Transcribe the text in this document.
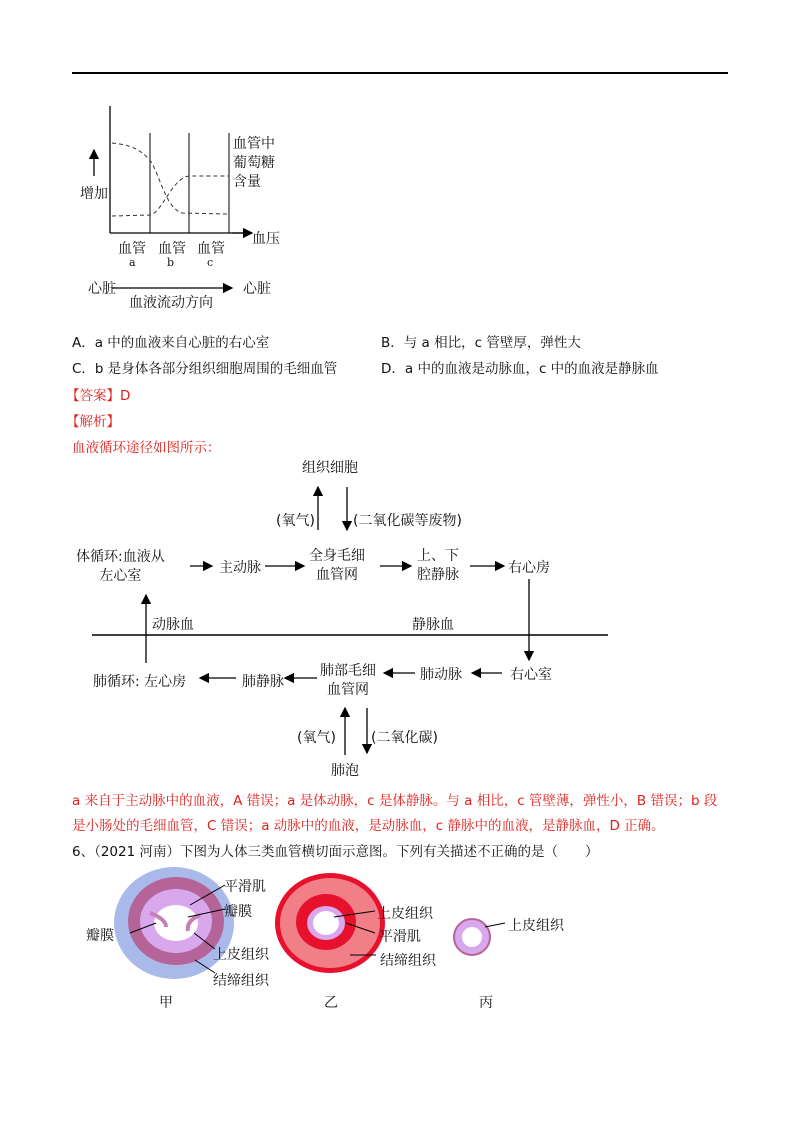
增加
血管中
葡萄糖
含量
血压
血管 血管 血管
a	b	c
心脏	心脏
血液流动方向
A．a 中的血液来自心脏的右心室	B．与 a 相比，c 管壁厚，弹性大
C．b 是身体各部分组织细胞周围的毛细血管	D．a 中的血液是动脉血，c 中的血液是静脉血
【答案】D
【解析】
血液循环途径如图所示：
组织细胞
(氧气)	(二氧化碳等废物)
体循环:血液从
左心室	主动脉
全身毛细
血管网
上、下
腔静脉	右心房
动脉血	静脉血
右心室
肺动脉
肺部毛细
血管网
肺静脉
肺循环: 左心房
(氧气)	(二氧化碳)
肺泡
a 来自于主动脉中的血液，A 错误；a 是体动脉，c 是体静脉。与 a 相比，c 管壁薄，弹性小，B 错误；b 段
是小肠处的毛细血管，C 错误；a 动脉中的血液，是动脉血，c 静脉中的血液，是静脉血，D 正确。
6、（2021 河南）下图为人体三类血管横切面示意图。下列有关描述不正确的是（　　）
平滑肌
瓣膜
瓣膜
上皮组织
结缔组织
上皮组织
平滑肌
结缔组织
上皮组织
甲	乙	丙
